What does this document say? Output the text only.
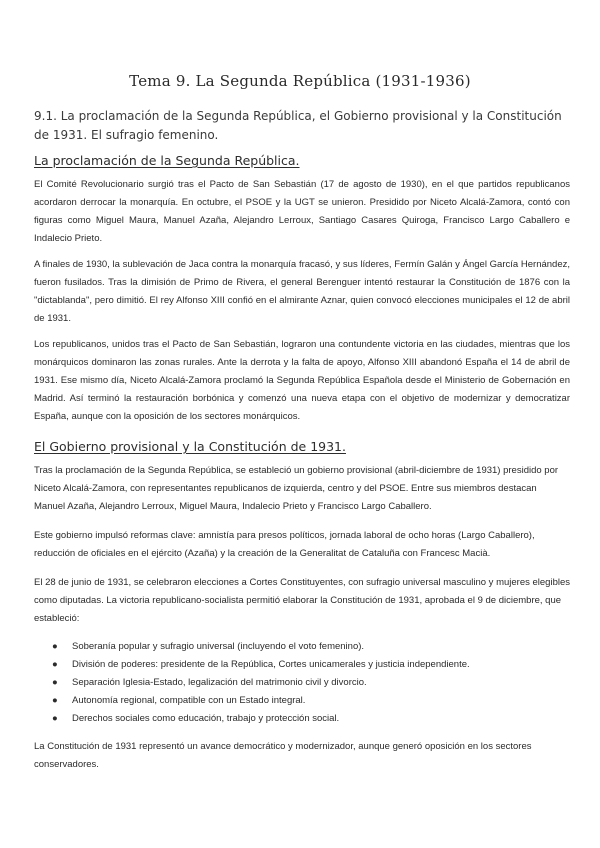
Tema 9. La Segunda República (1931-1936)
9.1. La proclamación de la Segunda República, el Gobierno provisional y la Constitución de 1931. El sufragio femenino.
La proclamación de la Segunda República.
El Comité Revolucionario surgió tras el Pacto de San Sebastián (17 de agosto de 1930), en el que partidos republicanos acordaron derrocar la monarquía. En octubre, el PSOE y la UGT se unieron. Presidido por Niceto Alcalá-Zamora, contó con figuras como Miguel Maura, Manuel Azaña, Alejandro Lerroux, Santiago Casares Quiroga, Francisco Largo Caballero e Indalecio Prieto.
A finales de 1930, la sublevación de Jaca contra la monarquía fracasó, y sus líderes, Fermín Galán y Ángel García Hernández, fueron fusilados. Tras la dimisión de Primo de Rivera, el general Berenguer intentó restaurar la Constitución de 1876 con la "dictablanda", pero dimitió. El rey Alfonso XIII confió en el almirante Aznar, quien convocó elecciones municipales el 12 de abril de 1931.
Los republicanos, unidos tras el Pacto de San Sebastián, lograron una contundente victoria en las ciudades, mientras que los monárquicos dominaron las zonas rurales. Ante la derrota y la falta de apoyo, Alfonso XIII abandonó España el 14 de abril de 1931. Ese mismo día, Niceto Alcalá-Zamora proclamó la Segunda República Española desde el Ministerio de Gobernación en Madrid. Así terminó la restauración borbónica y comenzó una nueva etapa con el objetivo de modernizar y democratizar España, aunque con la oposición de los sectores monárquicos.
El Gobierno provisional y la Constitución de 1931.
Tras la proclamación de la Segunda República, se estableció un gobierno provisional (abril-diciembre de 1931) presidido por Niceto Alcalá-Zamora, con representantes republicanos de izquierda, centro y del PSOE. Entre sus miembros destacan Manuel Azaña, Alejandro Lerroux, Miguel Maura, Indalecio Prieto y Francisco Largo Caballero.
Este gobierno impulsó reformas clave: amnistía para presos políticos, jornada laboral de ocho horas (Largo Caballero), reducción de oficiales en el ejército (Azaña) y la creación de la Generalitat de Cataluña con Francesc Macià.
El 28 de junio de 1931, se celebraron elecciones a Cortes Constituyentes, con sufragio universal masculino y mujeres elegibles como diputadas. La victoria republicano-socialista permitió elaborar la Constitución de 1931, aprobada el 9 de diciembre, que estableció:
● Soberanía popular y sufragio universal (incluyendo el voto femenino).
● División de poderes: presidente de la República, Cortes unicamerales y justicia independiente.
● Separación Iglesia-Estado, legalización del matrimonio civil y divorcio.
● Autonomía regional, compatible con un Estado integral.
● Derechos sociales como educación, trabajo y protección social.
La Constitución de 1931 representó un avance democrático y modernizador, aunque generó oposición en los sectores conservadores.
